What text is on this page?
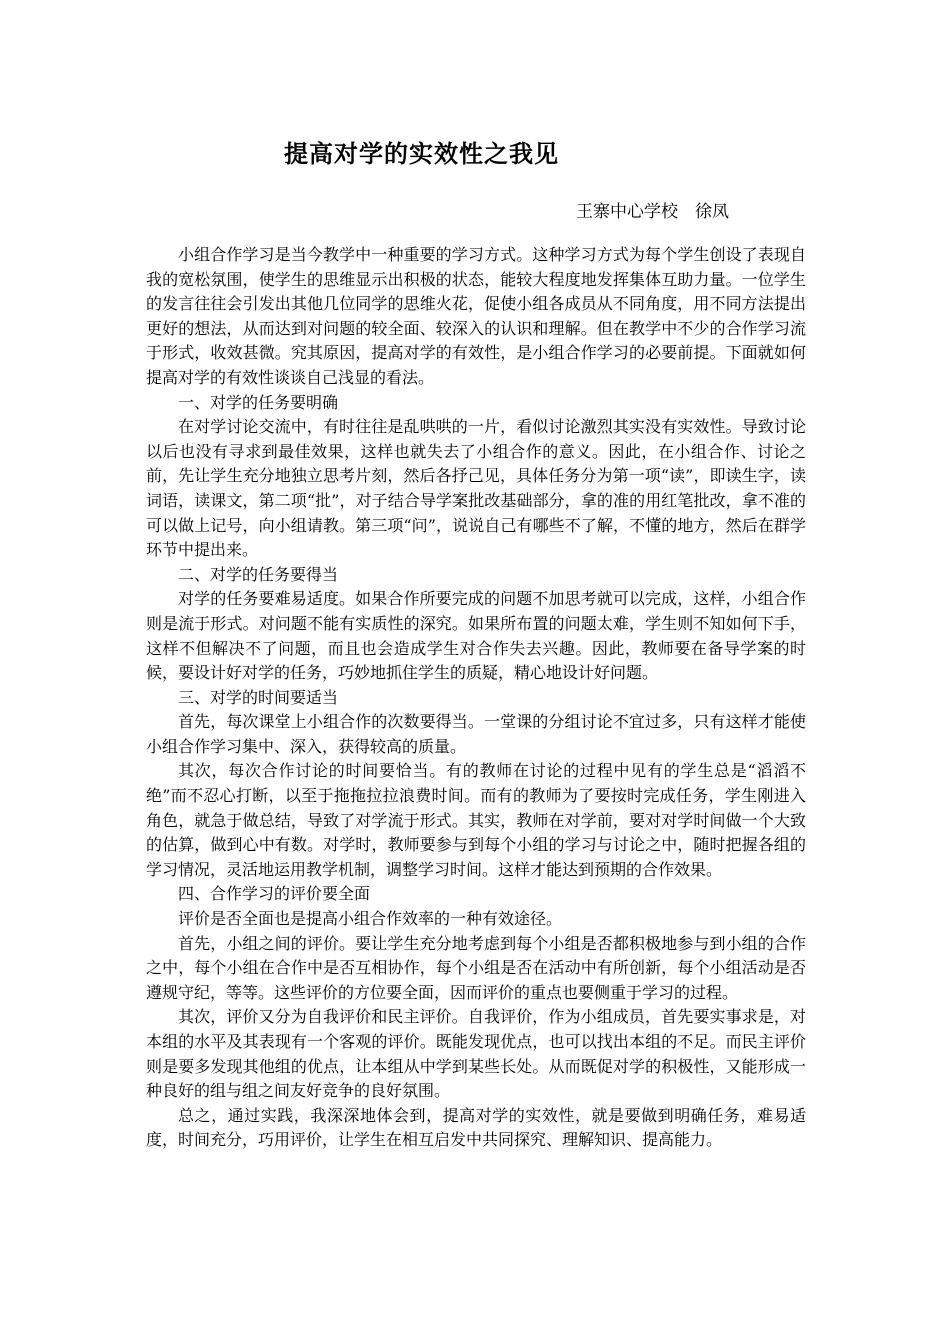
提高对学的实效性之我见
王寨中心学校　徐凤

小组合作学习是当今教学中一种重要的学习方式。这种学习方式为每个学生创设了表现自我的宽松氛围，使学生的思维显示出积极的状态，能较大程度地发挥集体互助力量。一位学生的发言往往会引发出其他几位同学的思维火花，促使小组各成员从不同角度，用不同方法提出更好的想法，从而达到对问题的较全面、较深入的认识和理解。但在教学中不少的合作学习流于形式，收效甚微。究其原因，提高对学的有效性，是小组合作学习的必要前提。下面就如何提高对学的有效性谈谈自己浅显的看法。

一、对学的任务要明确

在对学讨论交流中，有时往往是乱哄哄的一片，看似讨论激烈其实没有实效性。导致讨论以后也没有寻求到最佳效果，这样也就失去了小组合作的意义。因此，在小组合作、讨论之前，先让学生充分地独立思考片刻，然后各抒己见，具体任务分为第一项“读”，即读生字，读词语，读课文，第二项“批”，对子结合导学案批改基础部分，拿的准的用红笔批改，拿不准的可以做上记号，向小组请教。第三项“问”，说说自己有哪些不了解，不懂的地方，然后在群学环节中提出来。

二、对学的任务要得当

对学的任务要难易适度。如果合作所要完成的问题不加思考就可以完成，这样，小组合作则是流于形式。对问题不能有实质性的深究。如果所布置的问题太难，学生则不知如何下手，这样不但解决不了问题，而且也会造成学生对合作失去兴趣。因此，教师要在备导学案的时候，要设计好对学的任务，巧妙地抓住学生的质疑，精心地设计好问题。

三、对学的时间要适当

首先，每次课堂上小组合作的次数要得当。一堂课的分组讨论不宜过多，只有这样才能使小组合作学习集中、深入，获得较高的质量。

其次，每次合作讨论的时间要恰当。有的教师在讨论的过程中见有的学生总是“滔滔不绝”而不忍心打断，以至于拖拖拉拉浪费时间。而有的教师为了要按时完成任务，学生刚进入角色，就急于做总结，导致了对学流于形式。其实，教师在对学前，要对对学时间做一个大致的估算，做到心中有数。对学时，教师要参与到每个小组的学习与讨论之中，随时把握各组的学习情况，灵活地运用教学机制，调整学习时间。这样才能达到预期的合作效果。

四、合作学习的评价要全面

评价是否全面也是提高小组合作效率的一种有效途径。

首先，小组之间的评价。要让学生充分地考虑到每个小组是否都积极地参与到小组的合作之中，每个小组在合作中是否互相协作，每个小组是否在活动中有所创新，每个小组活动是否遵规守纪，等等。这些评价的方位要全面，因而评价的重点也要侧重于学习的过程。

其次，评价又分为自我评价和民主评价。自我评价，作为小组成员，首先要实事求是，对本组的水平及其表现有一个客观的评价。既能发现优点，也可以找出本组的不足。而民主评价则是要多发现其他组的优点，让本组从中学到某些长处。从而既促对学的积极性，又能形成一种良好的组与组之间友好竞争的良好氛围。

总之，通过实践，我深深地体会到，提高对学的实效性，就是要做到明确任务，难易适度，时间充分，巧用评价，让学生在相互启发中共同探究、理解知识、提高能力。
